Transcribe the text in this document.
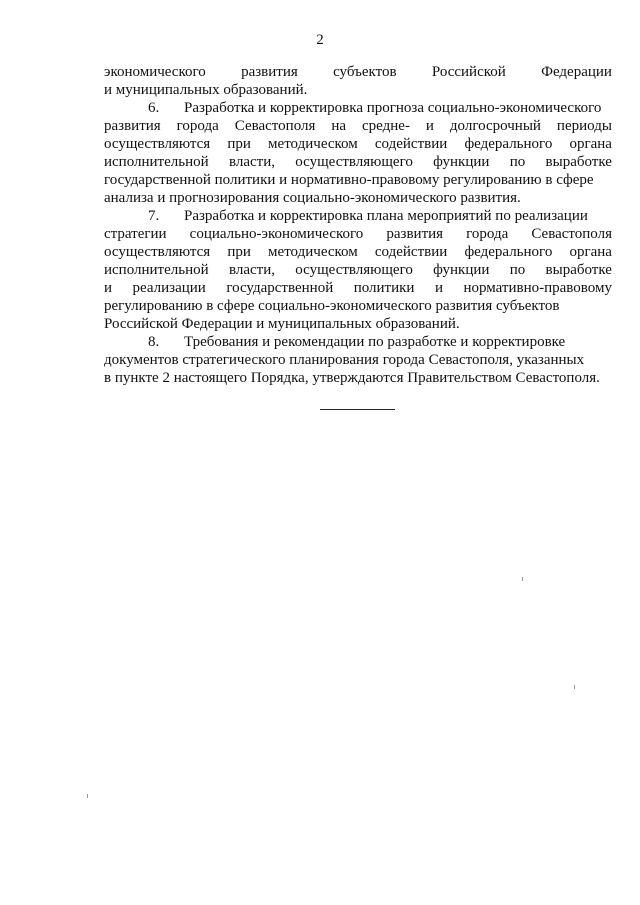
2
экономического развития субъектов Российской Федерации
и муниципальных образований.
6. Разработка и корректировка прогноза социально-экономического
развития города Севастополя на средне- и долгосрочный периоды
осуществляются при методическом содействии федерального органа
исполнительной власти, осуществляющего функции по выработке
государственной политики и нормативно-правовому регулированию в сфере
анализа и прогнозирования социально-экономического развития.
7. Разработка и корректировка плана мероприятий по реализации
стратегии социально-экономического развития города Севастополя
осуществляются при методическом содействии федерального органа
исполнительной власти, осуществляющего функции по выработке
и реализации государственной политики и нормативно-правовому
регулированию в сфере социально-экономического развития субъектов
Российской Федерации и муниципальных образований.
8. Требования и рекомендации по разработке и корректировке
документов стратегического планирования города Севастополя, указанных
в пункте 2 настоящего Порядка, утверждаются Правительством Севастополя.
